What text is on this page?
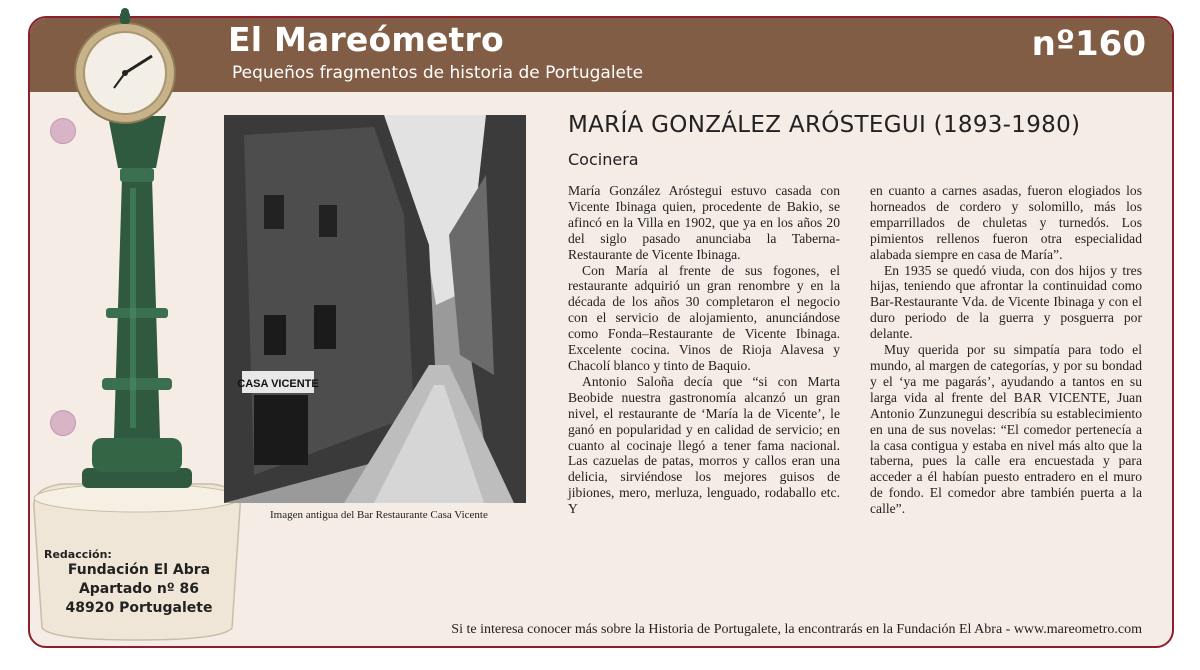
El Mareómetro
Pequeños fragmentos de historia de Portugalete
nº160
Redacción:
Fundación El Abra
Apartado nº 86
48920 Portugalete
CASA VICENTE
Imagen antigua del Bar Restaurante Casa Vicente
MARÍA GONZÁLEZ ARÓSTEGUI (1893-1980)
Cocinera

María González Aróstegui estuvo casada con Vicente Ibinaga quien, procedente de Bakio, se afincó en la Villa en 1902, que ya en los años 20 del siglo pasado anunciaba la Taberna-Restaurante de Vicente Ibinaga.

Con María al frente de sus fogones, el restaurante adquirió un gran renombre y en la década de los años 30 completaron el negocio con el servicio de alojamiento, anunciándose como Fonda–Restaurante de Vicente Ibinaga. Excelente cocina. Vinos de Rioja Alavesa y Chacolí blanco y tinto de Baquio.

Antonio Saloña decía que “si con Marta Beobide nuestra gastronomía alcanzó un gran nivel, el restaurante de ‘María la de Vicente’, le ganó en popularidad y en calidad de servicio; en cuanto al cocinaje llegó a tener fama nacional. Las cazuelas de patas, morros y callos eran una delicia, sirviéndose los mejores guisos de jibiones, mero, merluza, lenguado, rodaballo etc. Y

en cuanto a carnes asadas, fueron elogiados los horneados de cordero y solomillo, más los emparrillados de chuletas y turnedós. Los pimientos rellenos fueron otra especialidad alabada siempre en casa de María”.

En 1935 se quedó viuda, con dos hijos y tres hijas, teniendo que afrontar la continuidad como Bar-Restaurante Vda. de Vicente Ibinaga y con el duro periodo de la guerra y posguerra por delante.

Muy querida por su simpatía para todo el mundo, al margen de categorías, y por su bondad y el ‘ya me pagarás’, ayudando a tantos en su larga vida al frente del BAR VICENTE, Juan Antonio Zunzunegui describía su establecimiento en una de sus novelas: “El comedor pertenecía a la casa contigua y estaba en nivel más alto que la taberna, pues la calle era encuestada y para acceder a él habían puesto entradero en el muro de fondo. El comedor abre también puerta a la calle”.

Si te interesa conocer más sobre la Historia de Portugalete, la encontrarás en la Fundación El Abra - www.mareometro.com
